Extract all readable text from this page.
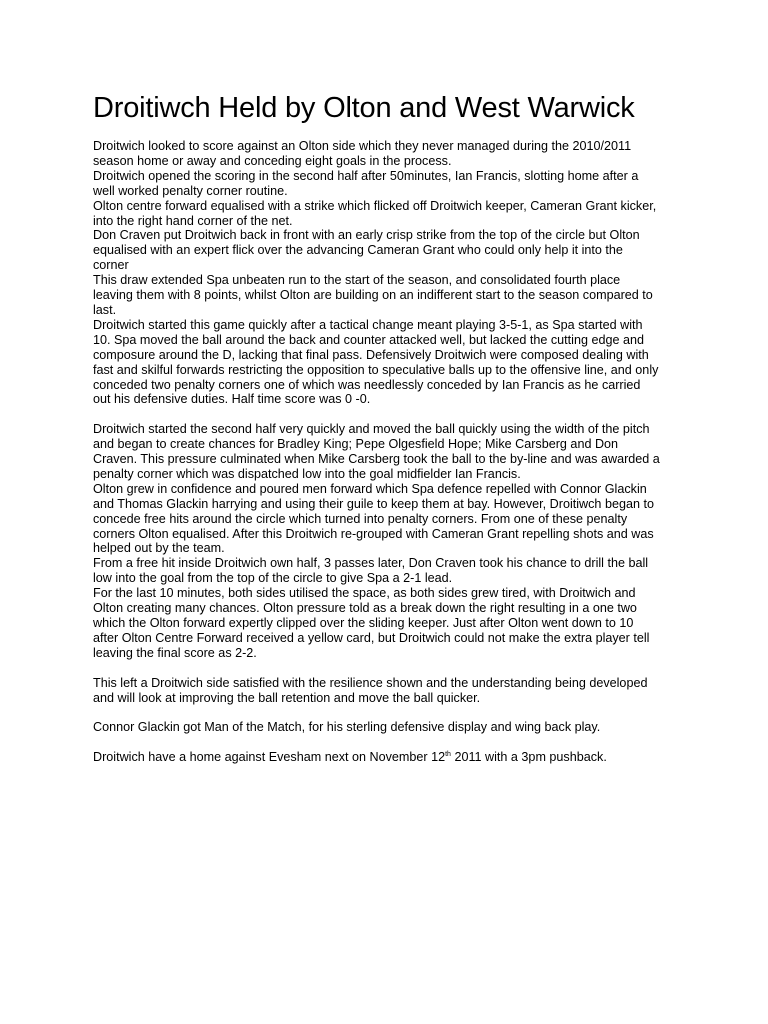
Droitiwch Held by Olton and West Warwick
Droitwich looked to score against an Olton side which they never managed during the 2010/2011
season home or away and conceding eight goals in the process.
Droitwich opened the scoring in the second half after 50minutes, Ian Francis, slotting home after a
well worked penalty corner routine.
Olton centre forward equalised with a strike which flicked off Droitwich keeper, Cameran Grant kicker,
into the right hand corner of the net.
Don Craven put Droitwich back in front with an early crisp strike from the top of the circle but Olton
equalised with an expert flick over the advancing Cameran Grant who could only help it into the
corner
This draw extended Spa unbeaten run to the start of the season, and consolidated fourth place
leaving them with 8 points, whilst Olton are building on an indifferent start to the season compared to
last.
Droitwich started this game quickly after a tactical change meant playing 3-5-1, as Spa started with
10. Spa moved the ball around the back and counter attacked well, but lacked the cutting edge and
composure around the D, lacking that final pass. Defensively Droitwich were composed dealing with
fast and skilful forwards restricting the opposition to speculative balls up to the offensive line, and only
conceded two penalty corners one of which was needlessly conceded by Ian Francis as he carried
out his defensive duties. Half time score was 0 -0.
Droitwich started the second half very quickly and moved the ball quickly using the width of the pitch
and began to create chances for Bradley King; Pepe Olgesfield Hope; Mike Carsberg and Don
Craven. This pressure culminated when Mike Carsberg took the ball to the by-line and was awarded a
penalty corner which was dispatched low into the goal midfielder Ian Francis.
Olton grew in confidence and poured men forward which Spa defence repelled with Connor Glackin
and Thomas Glackin harrying and using their guile to keep them at bay. However, Droitiwch began to
concede free hits around the circle which turned into penalty corners. From one of these penalty
corners Olton equalised. After this Droitwich re-grouped with Cameran Grant repelling shots and was
helped out by the team.
From a free hit inside Droitwich own half, 3 passes later, Don Craven took his chance to drill the ball
low into the goal from the top of the circle to give Spa a 2-1 lead.
For the last 10 minutes, both sides utilised the space, as both sides grew tired, with Droitwich and
Olton creating many chances. Olton pressure told as a break down the right resulting in a one two
which the Olton forward expertly clipped over the sliding keeper. Just after Olton went down to 10
after Olton Centre Forward received a yellow card, but Droitwich could not make the extra player tell
leaving the final score as 2-2.
This left a Droitwich side satisfied with the resilience shown and the understanding being developed
and will look at improving the ball retention and move the ball quicker.
Connor Glackin got Man of the Match, for his sterling defensive display and wing back play.
Droitwich have a home against Evesham next on November 12th 2011 with a 3pm pushback.
